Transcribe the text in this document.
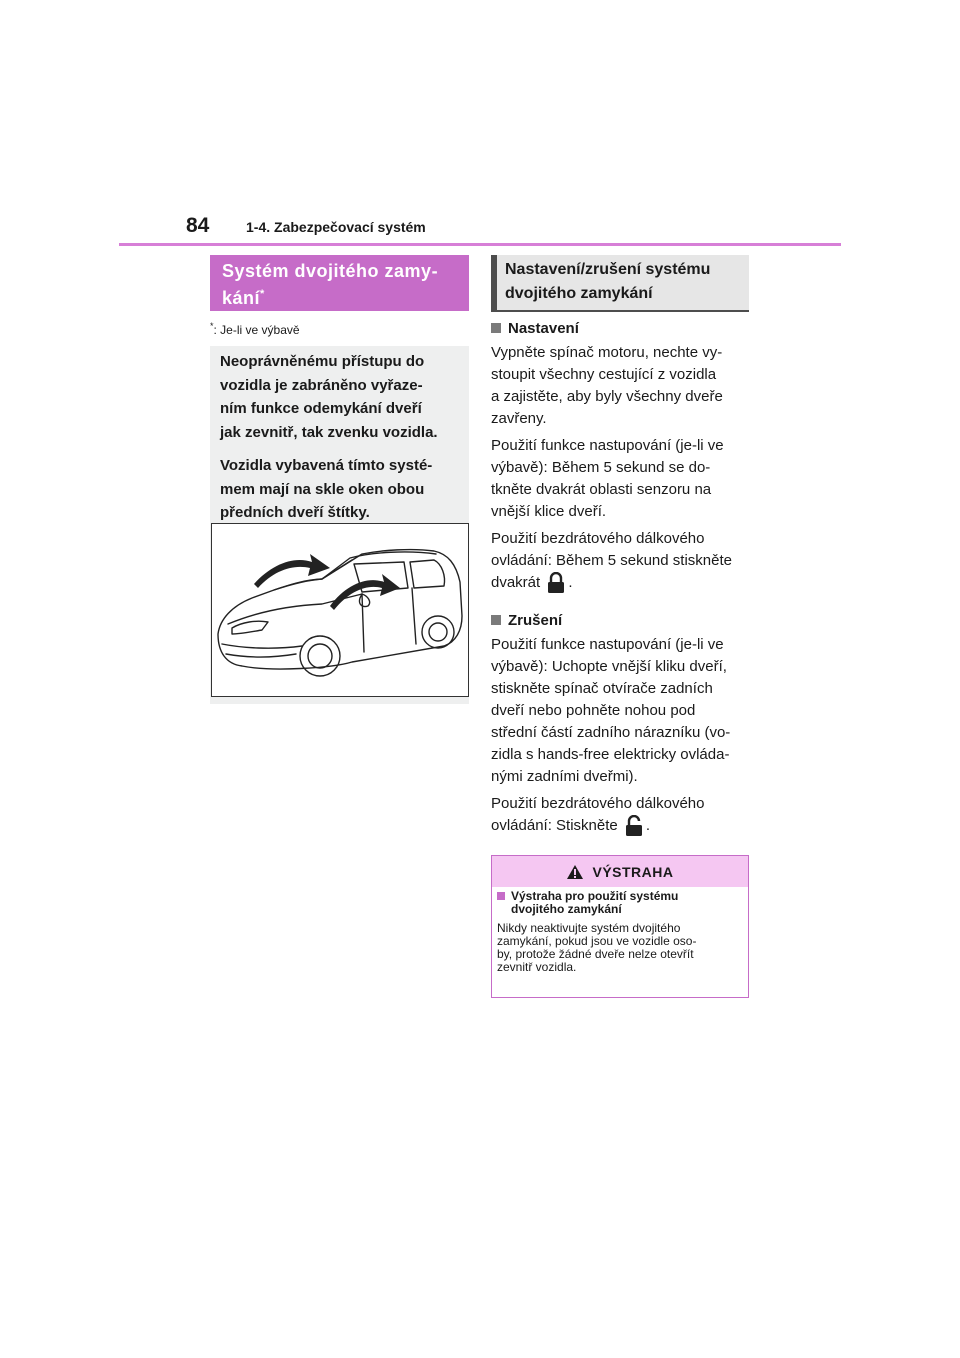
84	1-4. Zabezpečovací systém
Systém dvojitého zamy-
kání*
*: Je-li ve výbavě

Neoprávněnému přístupu do
vozidla je zabráněno vyřaze-
ním funkce odemykání dveří
jak zevnitř, tak zvenku vozidla.

Vozidla vybavená tímto systé-
mem mají na skle oken obou
předních dveří štítky.

Nastavení/zrušení systému
dvojitého zamykání
Nastavení

Vypněte spínač motoru, nechte vy-
stoupit všechny cestující z vozidla
a zajistěte, aby byly všechny dveře
zavřeny.

Použití funkce nastupování (je-li ve
výbavě): Během 5 sekund se do-
tkněte dvakrát oblasti senzoru na
vnější klice dveří.

Použití bezdrátového dálkového
ovládání: Během 5 sekund stiskněte
dvakrát .

Zrušení

Použití funkce nastupování (je-li ve
výbavě): Uchopte vnější kliku dveří,
stiskněte spínač otvírače zadních
dveří nebo pohněte nohou pod
střední částí zadního nárazníku (vo-
zidla s hands-free elektricky ovláda-
nými zadními dveřmi).

Použití bezdrátového dálkového
ovládání: Stiskněte .

VÝSTRAHA
Výstraha pro použití systému
dvojitého zamykání
Nikdy neaktivujte systém dvojitého
zamykání, pokud jsou ve vozidle oso-
by, protože žádné dveře nelze otevřít
zevnitř vozidla.
